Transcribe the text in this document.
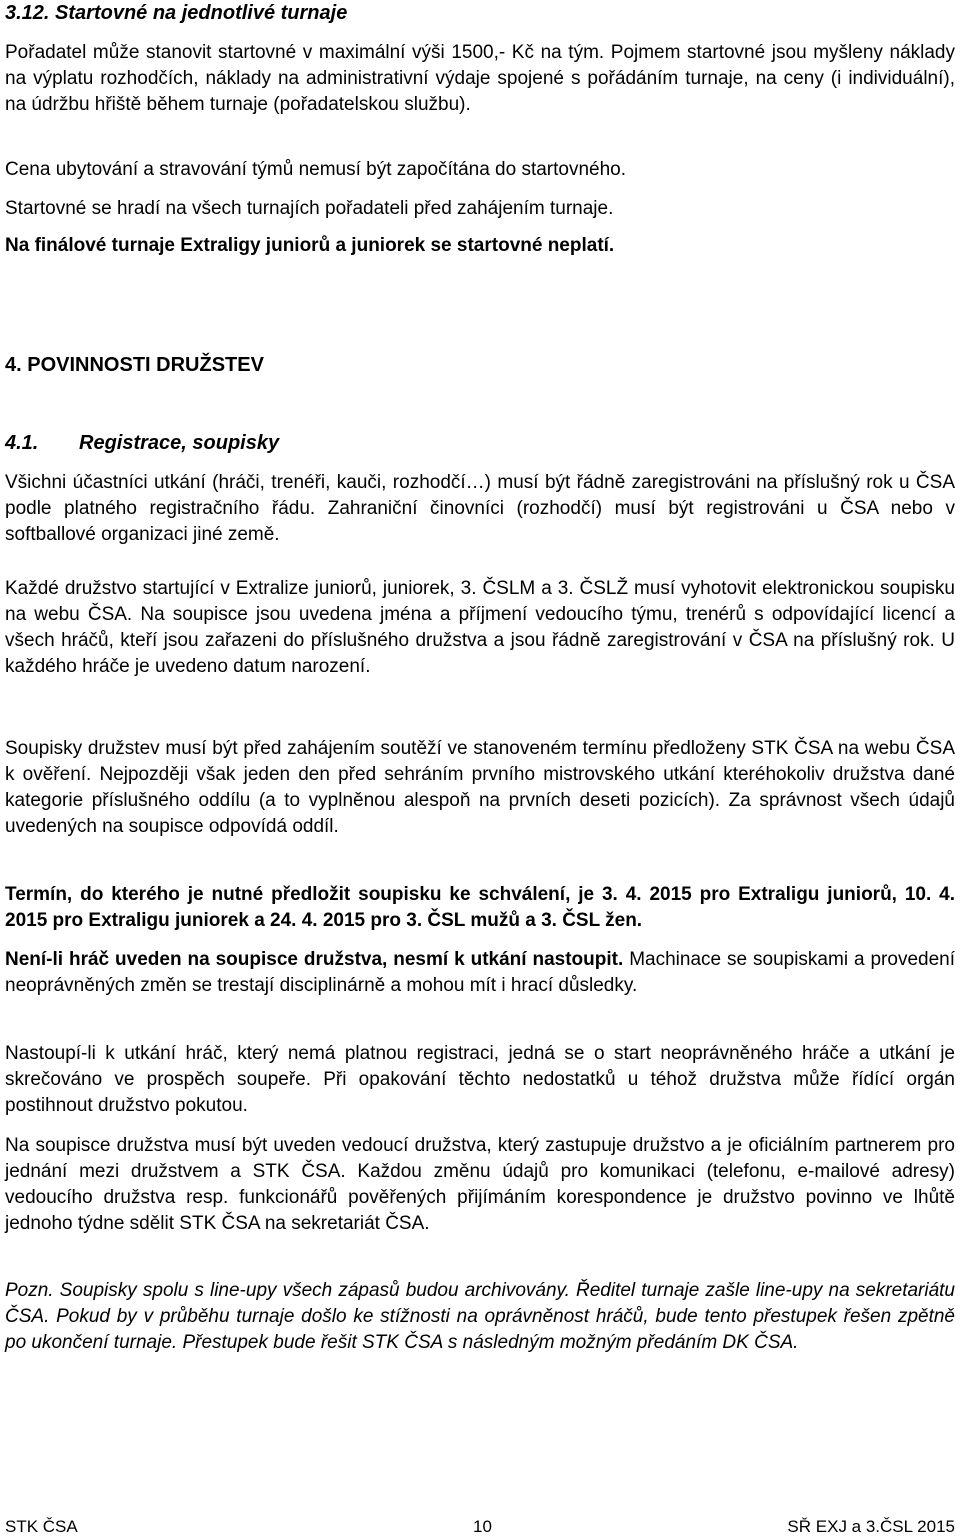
3.12. Startovné na jednotlivé turnaje

Pořadatel může stanovit startovné v maximální výši 1500,- Kč na tým. Pojmem startovné jsou myšleny náklady na výplatu rozhodčích, náklady na administrativní výdaje spojené s pořádáním turnaje, na ceny (i individuální), na údržbu hřiště během turnaje (pořadatelskou službu).

Cena ubytování a stravování týmů nemusí být započítána do startovného.

Startovné se hradí na všech turnajích pořadateli před zahájením turnaje.

Na finálové turnaje Extraligy juniorů a juniorek se startovné neplatí.

4. POVINNOSTI DRUŽSTEV
4.1. Registrace, soupisky

Všichni účastníci utkání (hráči, trenéři, kauči, rozhodčí…) musí být řádně zaregistrováni na příslušný rok u ČSA podle platného registračního řádu. Zahraniční činovníci (rozhodčí) musí být registrováni u ČSA nebo v softballové organizaci jiné země.

Každé družstvo startující v Extralize juniorů, juniorek, 3. ČSLM a 3. ČSLŽ musí vyhotovit elektronickou soupisku na webu ČSA. Na soupisce jsou uvedena jména a příjmení vedoucího týmu, trenérů s odpovídající licencí a všech hráčů, kteří jsou zařazeni do příslušného družstva a jsou řádně zaregistrování v ČSA na příslušný rok. U každého hráče je uvedeno datum narození.

Soupisky družstev musí být před zahájením soutěží ve stanoveném termínu předloženy STK ČSA na webu ČSA k ověření. Nejpozději však jeden den před sehráním prvního mistrovského utkání kteréhokoliv družstva dané kategorie příslušného oddílu (a to vyplněnou alespoň na prvních deseti pozicích). Za správnost všech údajů uvedených na soupisce odpovídá oddíl.

Termín, do kterého je nutné předložit soupisku ke schválení, je 3. 4. 2015 pro Extraligu juniorů, 10. 4. 2015 pro Extraligu juniorek a 24. 4. 2015 pro 3. ČSL mužů a 3. ČSL žen.

Není-li hráč uveden na soupisce družstva, nesmí k utkání nastoupit. Machinace se soupiskami a provedení neoprávněných změn se trestají disciplinárně a mohou mít i hrací důsledky.

Nastoupí-li k utkání hráč, který nemá platnou registraci, jedná se o start neoprávněného hráče a utkání je skrečováno ve prospěch soupeře. Při opakování těchto nedostatků u téhož družstva může řídící orgán postihnout družstvo pokutou.

Na soupisce družstva musí být uveden vedoucí družstva, který zastupuje družstvo a je oficiálním partnerem pro jednání mezi družstvem a STK ČSA. Každou změnu údajů pro komunikaci (telefonu, e-mailové adresy) vedoucího družstva resp. funkcionářů pověřených přijímáním korespondence je družstvo povinno ve lhůtě jednoho týdne sdělit STK ČSA na sekretariát ČSA.

Pozn. Soupisky spolu s line-upy všech zápasů budou archivovány. Ředitel turnaje zašle line-upy na sekretariátu ČSA. Pokud by v průběhu turnaje došlo ke stížnosti na oprávněnost hráčů, bude tento přestupek řešen zpětně po ukončení turnaje. Přestupek bude řešit STK ČSA s následným možným předáním DK ČSA.

STK ČSA	10	SŘ EXJ a 3.ČSL 2015
